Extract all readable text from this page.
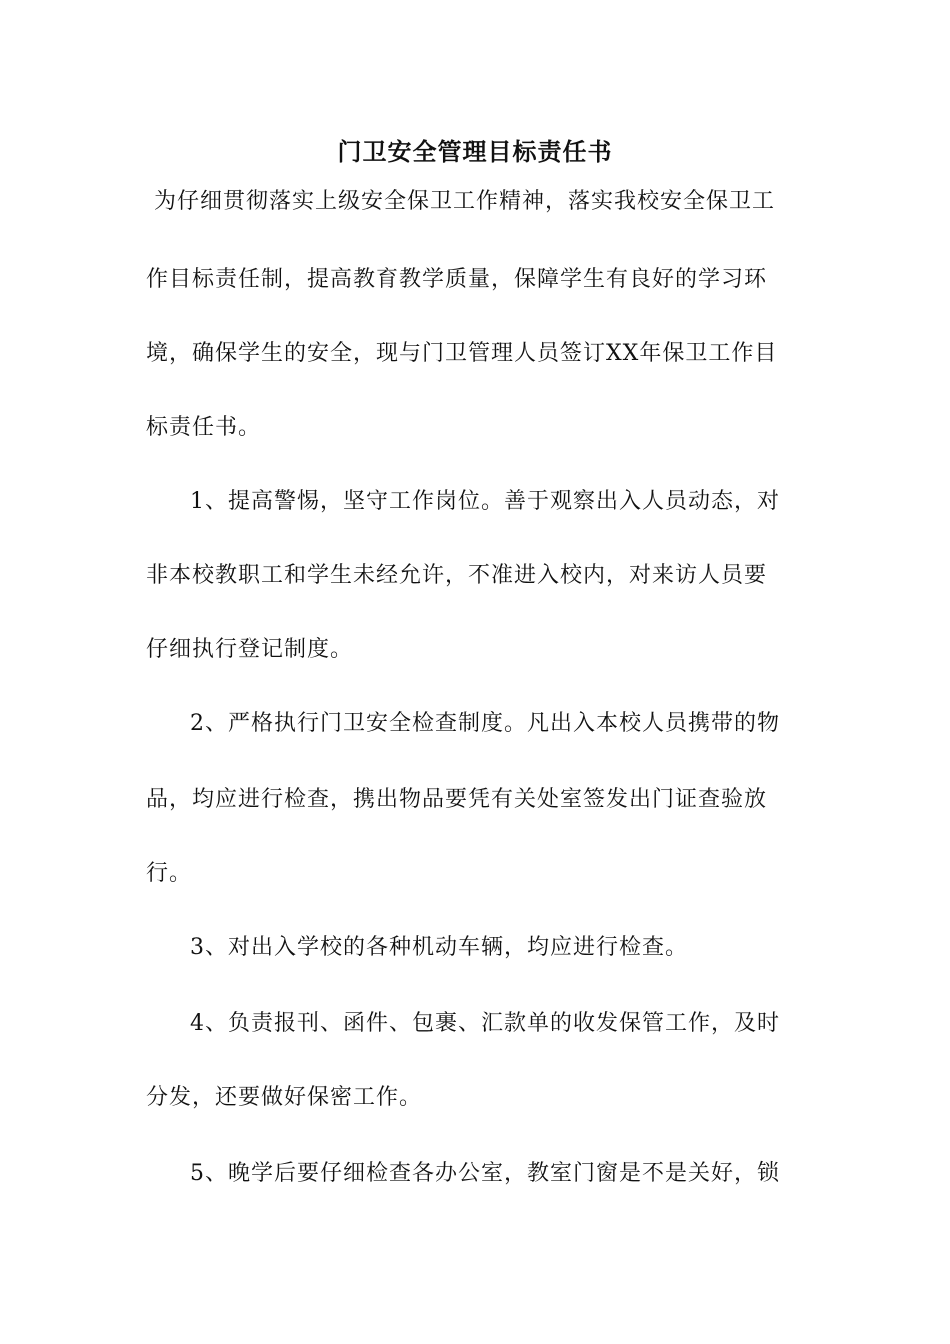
门卫安全管理目标责任书
为仔细贯彻落实上级安全保卫工作精神，落实我校安全保卫工
作目标责任制，提高教育教学质量，保障学生有良好的学习环
境，确保学生的安全，现与门卫管理人员签订XX年保卫工作目
标责任书。
1、提高警惕，坚守工作岗位。善于观察出入人员动态，对
非本校教职工和学生未经允许，不准进入校内，对来访人员要
仔细执行登记制度。
2、严格执行门卫安全检查制度。凡出入本校人员携带的物
品，均应进行检查，携出物品要凭有关处室签发出门证查验放
行。
3、对出入学校的各种机动车辆，均应进行检查。
4、负责报刊、函件、包裹、汇款单的收发保管工作，及时
分发，还要做好保密工作。
5、晚学后要仔细检查各办公室，教室门窗是不是关好，锁
